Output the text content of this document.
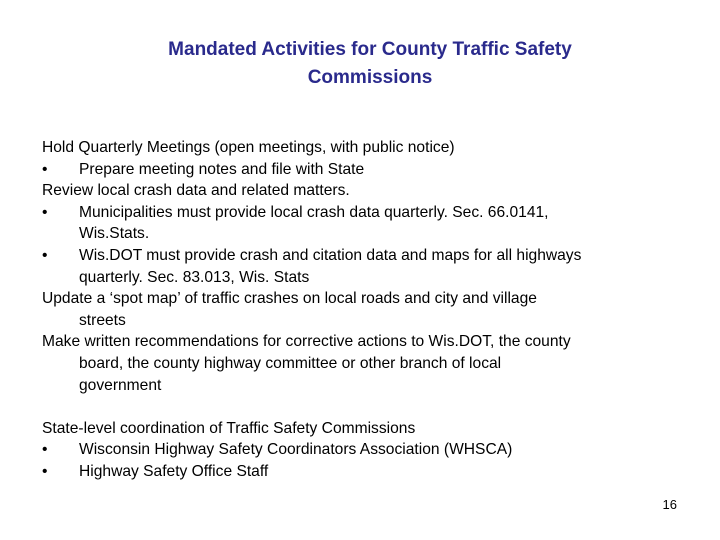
Mandated Activities for County Traffic Safety
Commissions
Hold Quarterly Meetings (open meetings, with public notice)
•	Prepare meeting notes and file with State
Review local crash data and related matters.
•	Municipalities must provide local crash data quarterly. Sec. 66.0141,
Wis.Stats.
•	Wis.DOT must provide crash and citation data and maps for all highways
quarterly. Sec. 83.013, Wis. Stats
Update a ‘spot map’ of traffic crashes on local roads and city and village
streets
Make written recommendations for corrective actions to Wis.DOT, the county
board, the county highway committee or other branch of local
government
State-level coordination of Traffic Safety Commissions
•	Wisconsin Highway Safety Coordinators Association (WHSCA)
•	Highway Safety Office Staff
16
